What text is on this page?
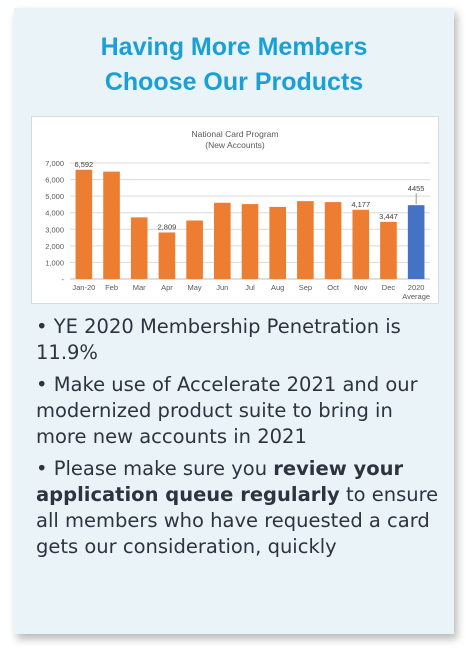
Having More Members
Choose Our Products
National Card Program
(New Accounts)
-
1,000
2,000
3,000
4,000
5,000
6,000
7,000
Jan-20
6,592
Feb Mar Apr
2,809
May Jun Jul Aug Sep Oct Nov
4,177
Dec
3,447
2020
Average
4455
• YE 2020 Membership Penetration is 11.9%
• Make use of Accelerate 2021 and our modernized product suite to bring in more new accounts in 2021
• Please make sure you review your application queue regularly to ensure all members who have requested a card gets our consideration, quickly
